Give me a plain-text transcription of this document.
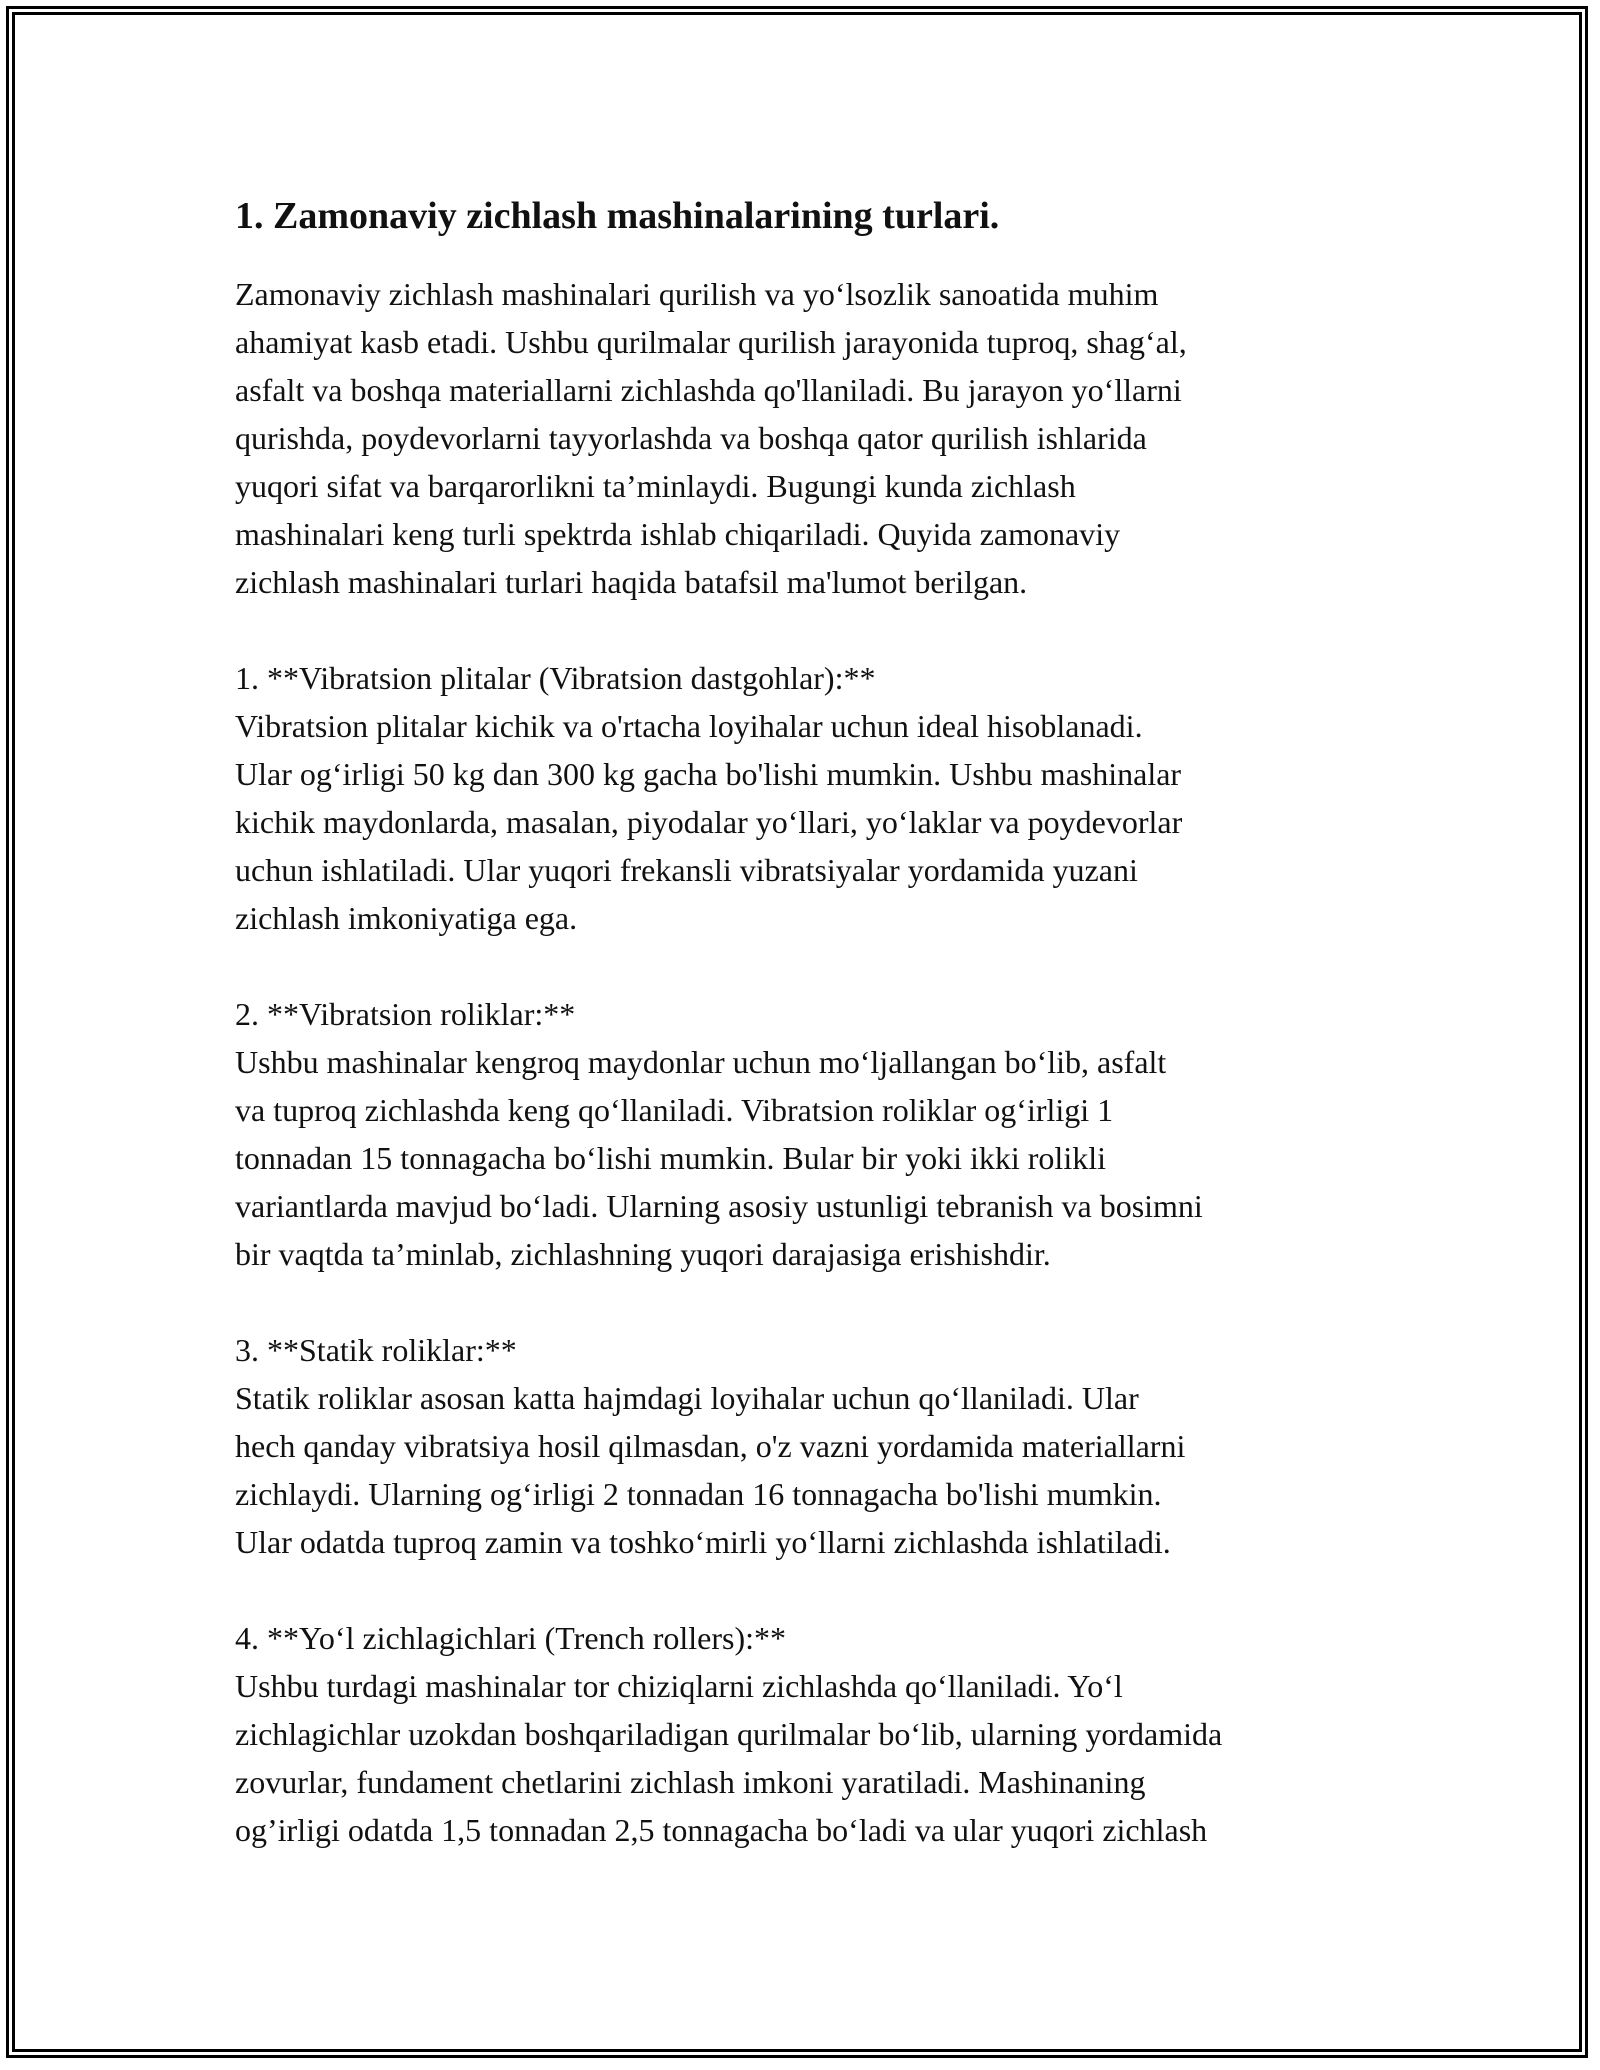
1. Zamonaviy zichlash mashinalarining turlari.

Zamonaviy zichlash mashinalari qurilish va yo‘lsozlik sanoatida muhim
ahamiyat kasb etadi. Ushbu qurilmalar qurilish jarayonida tuproq, shag‘al,
asfalt va boshqa materiallarni zichlashda qo'llaniladi. Bu jarayon yo‘llarni
qurishda, poydevorlarni tayyorlashda va boshqa qator qurilish ishlarida
yuqori sifat va barqarorlikni ta’minlaydi. Bugungi kunda zichlash
mashinalari keng turli spektrda ishlab chiqariladi. Quyida zamonaviy
zichlash mashinalari turlari haqida batafsil ma'lumot berilgan.

1. **Vibratsion plitalar (Vibratsion dastgohlar):**

Vibratsion plitalar kichik va o'rtacha loyihalar uchun ideal hisoblanadi.
Ular og‘irligi 50 kg dan 300 kg gacha bo'lishi mumkin. Ushbu mashinalar
kichik maydonlarda, masalan, piyodalar yo‘llari, yo‘laklar va poydevorlar
uchun ishlatiladi. Ular yuqori frekansli vibratsiyalar yordamida yuzani
zichlash imkoniyatiga ega.

2. **Vibratsion roliklar:**

Ushbu mashinalar kengroq maydonlar uchun mo‘ljallangan bo‘lib, asfalt
va tuproq zichlashda keng qo‘llaniladi. Vibratsion roliklar og‘irligi 1
tonnadan 15 tonnagacha bo‘lishi mumkin. Bular bir yoki ikki rolikli
variantlarda mavjud bo‘ladi. Ularning asosiy ustunligi tebranish va bosimni
bir vaqtda ta’minlab, zichlashning yuqori darajasiga erishishdir.

3. **Statik roliklar:**

Statik roliklar asosan katta hajmdagi loyihalar uchun qo‘llaniladi. Ular
hech qanday vibratsiya hosil qilmasdan, o'z vazni yordamida materiallarni
zichlaydi. Ularning og‘irligi 2 tonnadan 16 tonnagacha bo'lishi mumkin.
Ular odatda tuproq zamin va toshko‘mirli yo‘llarni zichlashda ishlatiladi.

4. **Yo‘l zichlagichlari (Trench rollers):**

Ushbu turdagi mashinalar tor chiziqlarni zichlashda qo‘llaniladi. Yo‘l
zichlagichlar uzokdan boshqariladigan qurilmalar bo‘lib, ularning yordamida
zovurlar, fundament chetlarini zichlash imkoni yaratiladi. Mashinaning
og’irligi odatda 1,5 tonnadan 2,5 tonnagacha bo‘ladi va ular yuqori zichlash
